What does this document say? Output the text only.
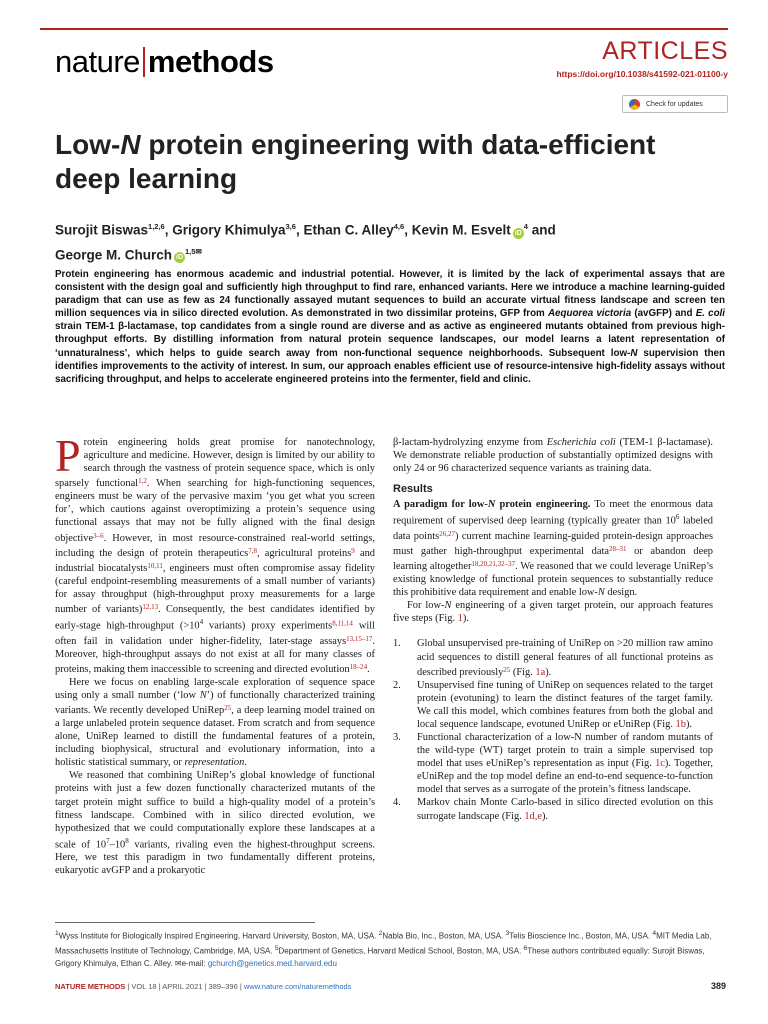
nature methods	ARTICLES
https://doi.org/10.1038/s41592-021-01100-y
Check for updates
Low-N protein engineering with data-efficient deep learning
Surojit Biswas$^{1,2,6}$, Grigory Khimulya$^{3,6}$, Ethan C. Alley$^{4,6}$, Kevin M. Esvelt $iD^4$ and
George M. Church $iD^{1,5✉}$
Protein engineering has enormous academic and industrial potential. However, it is limited by the lack of experimental assays that are consistent with the design goal and sufficiently high throughput to find rare, enhanced variants. Here we introduce a machine learning-guided paradigm that can use as few as 24 functionally assayed mutant sequences to build an accurate virtual fitness landscape and screen ten million sequences via in silico directed evolution. As demonstrated in two dissimilar proteins, GFP from Aequorea victoria (avGFP) and E. coli strain TEM-1 β-lactamase, top candidates from a single round are diverse and as active as engineered mutants obtained from previous high-throughput efforts. By distilling information from natural protein sequence landscapes, our model learns a latent representation of ‘unnaturalness’, which helps to guide search away from non-functional sequence neighborhoods. Subsequent low-N supervision then identifies improvements to the activity of interest. In sum, our approach enables efficient use of resource-intensive high-fidelity assays without sacrificing throughput, and helps to accelerate engineered proteins into the fermenter, field and clinic.

Protein engineering holds great promise for nanotechnology, agriculture and medicine. However, design is limited by our ability to search through the vastness of protein sequence space, which is only sparsely functional$^{1,2}$. When searching for high-functioning sequences, engineers must be wary of the pervasive maxim ‘you get what you screen for’, which cautions against overoptimizing a protein’s sequence using functional assays that may not be fully aligned with the final design objective$^{3-6}$. However, in most resource-constrained real-world settings, including the design of protein therapeutics$^{7,8}$, agricultural proteins$^9$ and industrial biocatalysts$^{10,11}$, engineers must often compromise assay fidelity (careful endpoint-resembling measurements of a small number of variants) for assay throughput (high-throughput proxy measurements for a large number of variants)$^{12,13}$. Consequently, the best candidates identified by early-stage high-throughput ($>10^4$ variants) proxy experiments$^{8,11,14}$ will often fail in validation under higher-fidelity, later-stage assays$^{13,15-17}$. Moreover, high-throughput assays do not exist at all for many classes of proteins, making them inaccessible to screening and directed evolution$^{18-24}$.

Here we focus on enabling large-scale exploration of sequence space using only a small number (‘low N’) of functionally characterized training variants. We recently developed UniRep$^{25}$, a deep learning model trained on a large unlabeled protein sequence dataset. From scratch and from sequence alone, UniRep learned to distill the fundamental features of a protein, including biophysical, structural and evolutionary information, into a holistic statistical summary, or representation.

We reasoned that combining UniRep’s global knowledge of functional proteins with just a few dozen functionally characterized mutants of the target protein might suffice to build a high-quality model of a protein’s fitness landscape. Combined with in silico directed evolution, we hypothesized that we could computationally explore these landscapes at a scale of $10^7-10^8$ variants, rivaling even the highest-throughput screens. Here, we test this paradigm in two fundamentally different proteins, eukaryotic avGFP and a prokaryotic

β-lactam-hydrolyzing enzyme from Escherichia coli (TEM-1 β-lactamase). We demonstrate reliable production of substantially optimized designs with only 24 or 96 characterized sequence variants as training data.

Results

A paradigm for low-N protein engineering. To meet the enormous data requirement of supervised deep learning (typically greater than $10^6$ labeled data points$^{26,27}$) current machine learning-guided protein-design approaches must gather high-throughput experimental data$^{28-31}$ or abandon deep learning altogether$^{18,20,21,32-37}$. We reasoned that we could leverage UniRep’s existing knowledge of functional protein sequences to substantially reduce this prohibitive data requirement and enable low-N design.

For low-N engineering of a given target protein, our approach features five steps (Fig. 1).

1. Global unsupervised pre-training of UniRep on >20 million raw amino acid sequences to distill general features of all functional proteins as described previously$^{25}$ (Fig. 1a).
2. Unsupervised fine tuning of UniRep on sequences related to the target protein (evotuning) to learn the distinct features of the target family. We call this model, which combines features from both the global and local sequence landscape, evotuned UniRep or eUniRep (Fig. 1b).
3. Functional characterization of a low-N number of random mutants of the wild-type (WT) target protein to train a simple supervised top model that uses eUniRep’s representation as input (Fig. 1c). Together, eUniRep and the top model define an end-to-end sequence-to-function model that serves as a surrogate of the protein’s fitness landscape.
4. Markov chain Monte Carlo-based in silico directed evolution on this surrogate landscape (Fig. 1d,e).
$^1$Wyss Institute for Biologically Inspired Engineering, Harvard University, Boston, MA, USA. $^2$Nabla Bio, Inc., Boston, MA, USA. $^3$Telis Bioscience Inc., Boston, MA, USA. $^4$MIT Media Lab, Massachusetts Institute of Technology, Cambridge, MA, USA. $^5$Department of Genetics, Harvard Medical School, Boston, MA, USA. $^6$These authors contributed equally: Surojit Biswas, Grigory Khimulya, Ethan C. Alley. ✉e-mail: gchurch@genetics.med.harvard.edu
NATURE METHODS | VOL 18 | APRIL 2021 | 389–396 | www.nature.com/naturemethods	389
